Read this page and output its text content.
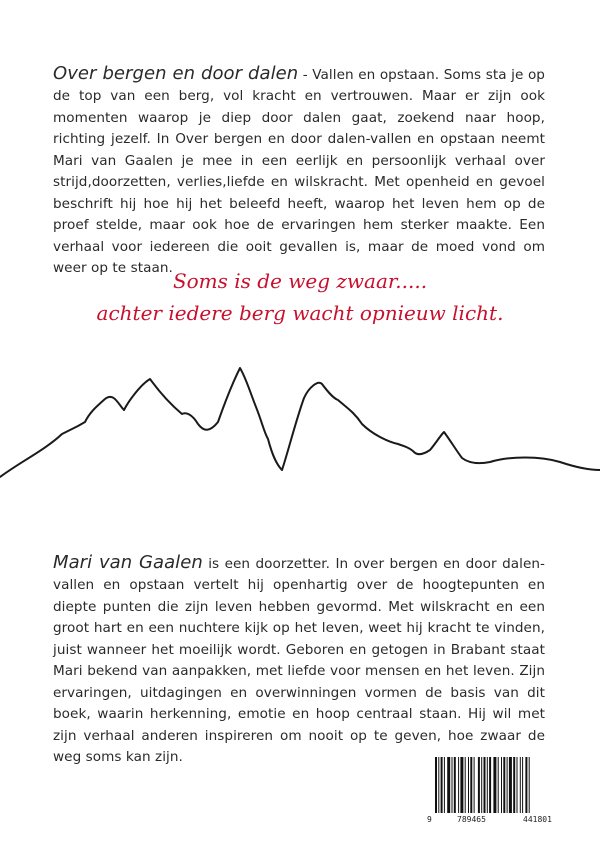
Over bergen en door dalen - Vallen en opstaan. Soms sta je op de top van een berg, vol kracht en vertrouwen. Maar er zijn ook momenten waarop je diep door dalen gaat, zoekend naar hoop, richting jezelf. In Over bergen en door dalen-vallen en opstaan neemt Mari van Gaalen je mee in een eerlijk en persoonlijk verhaal over strijd,doorzetten, verlies,liefde en wilskracht. Met openheid en gevoel beschrift hij hoe hij het beleefd heeft, waarop het leven hem op de proef stelde, maar ook hoe de ervaringen hem sterker maakte. Een verhaal voor iedereen die ooit gevallen is, maar de moed vond om weer op te staan.

Soms is de weg zwaar.....
achter iedere berg wacht opnieuw licht.

Mari van Gaalen is een doorzetter. In over bergen en door dalen-vallen en opstaan vertelt hij openhartig over de hoogtepunten en diepte punten die zijn leven hebben gevormd. Met wilskracht en een groot hart en een nuchtere kijk op het leven, weet hij kracht te vinden, juist wanneer het moeilijk wordt. Geboren en getogen in Brabant staat Mari bekend van aanpakken, met liefde voor mensen en het leven. Zijn ervaringen, uitdagingen en overwinningen vormen de basis van dit boek, waarin herkenning, emotie en hoop centraal staan. Hij wil met zijn verhaal anderen inspireren om nooit op te geven, hoe zwaar de weg soms kan zijn.

9	789465	441801
